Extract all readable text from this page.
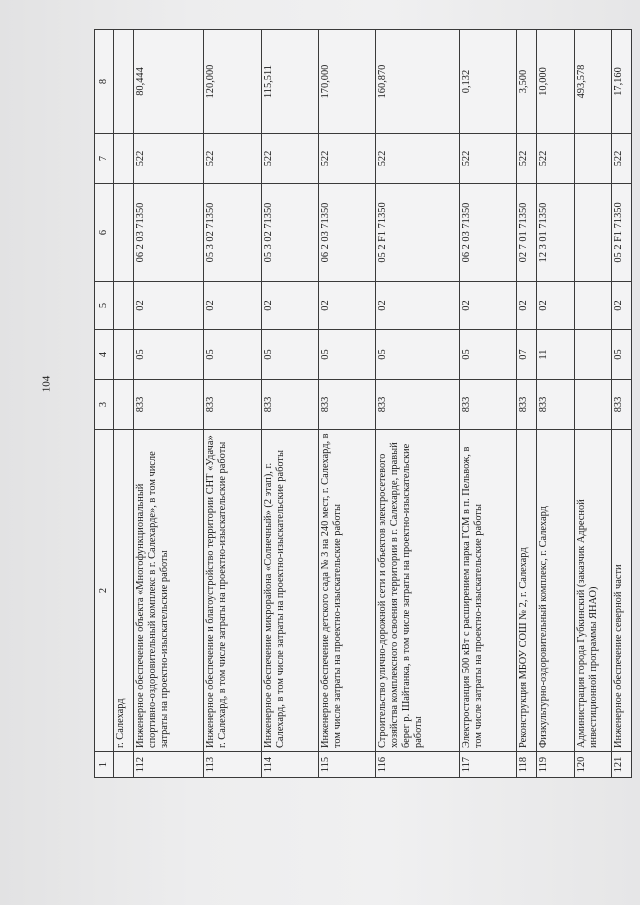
104
1	2	3	4	5	6	7	8
	г. Салехард						
112	Инженерное обеспечение объекта «Многофункциональный спортивно-оздоровительный комплекс в г. Салехарде», в том числе затраты на проектно-изыскательские работы	833	05	02	06 2 03 71350	522	80,444
113	Инженерное обеспечение и благоустройство территории СНТ «Удача» г. Салехард, в том числе затраты на проектно-изыскательские работы	833	05	02	05 3 02 71350	522	120,000
114	Инженерное обеспечение микрорайона «Солнечный» (2 этап), г. Салехард, в том числе затраты на проектно-изыскательские работы	833	05	02	05 3 02 71350	522	115,511
115	Инженерное обеспечение детского сада № 3 на 240 мест, г. Салехард, в том числе затраты на проектно-изыскательские работы	833	05	02	06 2 03 71350	522	170,000
116	Строительство улично-дорожной сети и объектов электросетевого хозяйства комплексного освоения территории в г. Салехарде, правый берег р. Шайтанка, в том числе затраты на проектно-изыскательские работы	833	05	02	05 2 F1 71350	522	160,870
117	Электростанция 500 кВт с расширением парка ГСМ в п. Пельвож, в том числе затраты на проектно-изыскательские работы	833	05	02	06 2 03 71350	522	0,132
118	Реконструкция МБОУ СОШ № 2, г. Салехард	833	07	02	02 7 01 71350	522	3,500
119	Физкультурно-оздоровительный комплекс, г. Салехард	833	11	02	12 3 01 71350	522	10,000
120	Администрация города Губкинский (заказчик Адресной инвестиционной программы ЯНАО)						493,578
121	Инженерное обеспечение северной части	833	05	02	05 2 F1 71350	522	17,160
